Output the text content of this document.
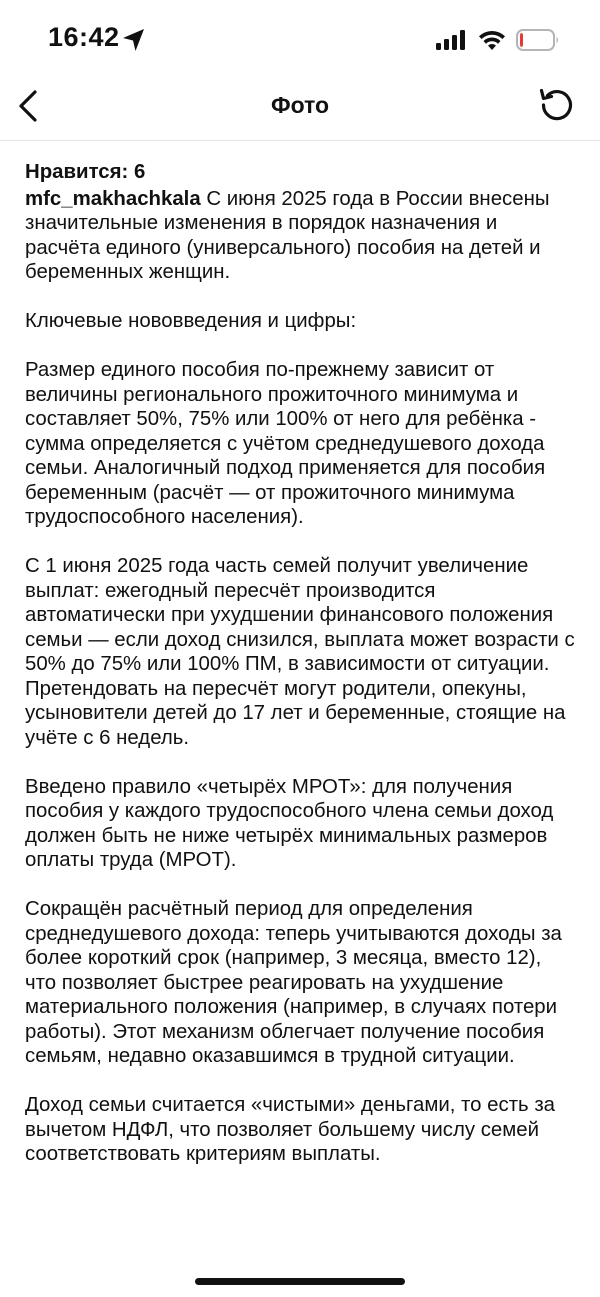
16:42
Фото
Нравится: 6
mfc_makhachkala С июня 2025 года в России внесены значительные изменения в порядок назначения и расчёта единого (универсального) пособия на детей и беременных женщин.
Ключевые нововведения и цифры:
Размер единого пособия по-прежнему зависит от величины регионального прожиточного минимума и составляет 50%, 75% или 100% от него для ребёнка - сумма определяется с учётом среднедушевого дохода семьи. Аналогичный подход применяется для пособия беременным (расчёт — от прожиточного минимума трудоспособного населения).
С 1 июня 2025 года часть семей получит увеличение выплат: ежегодный пересчёт производится автоматически при ухудшении финансового положения семьи — если доход снизился, выплата может возрасти с 50% до 75% или 100% ПМ, в зависимости от ситуации. Претендовать на пересчёт могут родители, опекуны, усыновители детей до 17 лет и беременные, стоящие на учёте с 6 недель.
Введено правило «четырёх МРОТ»: для получения пособия у каждого трудоспособного члена семьи доход должен быть не ниже четырёх минимальных размеров оплаты труда (МРОТ).
Сокращён расчётный период для определения среднедушевого дохода: теперь учитываются доходы за более короткий срок (например, 3 месяца, вместо 12), что позволяет быстрее реагировать на ухудшение материального положения (например, в случаях потери работы). Этот механизм облегчает получение пособия семьям, недавно оказавшимся в трудной ситуации.
Доход семьи считается «чистыми» деньгами, то есть за вычетом НДФЛ, что позволяет большему числу семей соответствовать критериям выплаты.
